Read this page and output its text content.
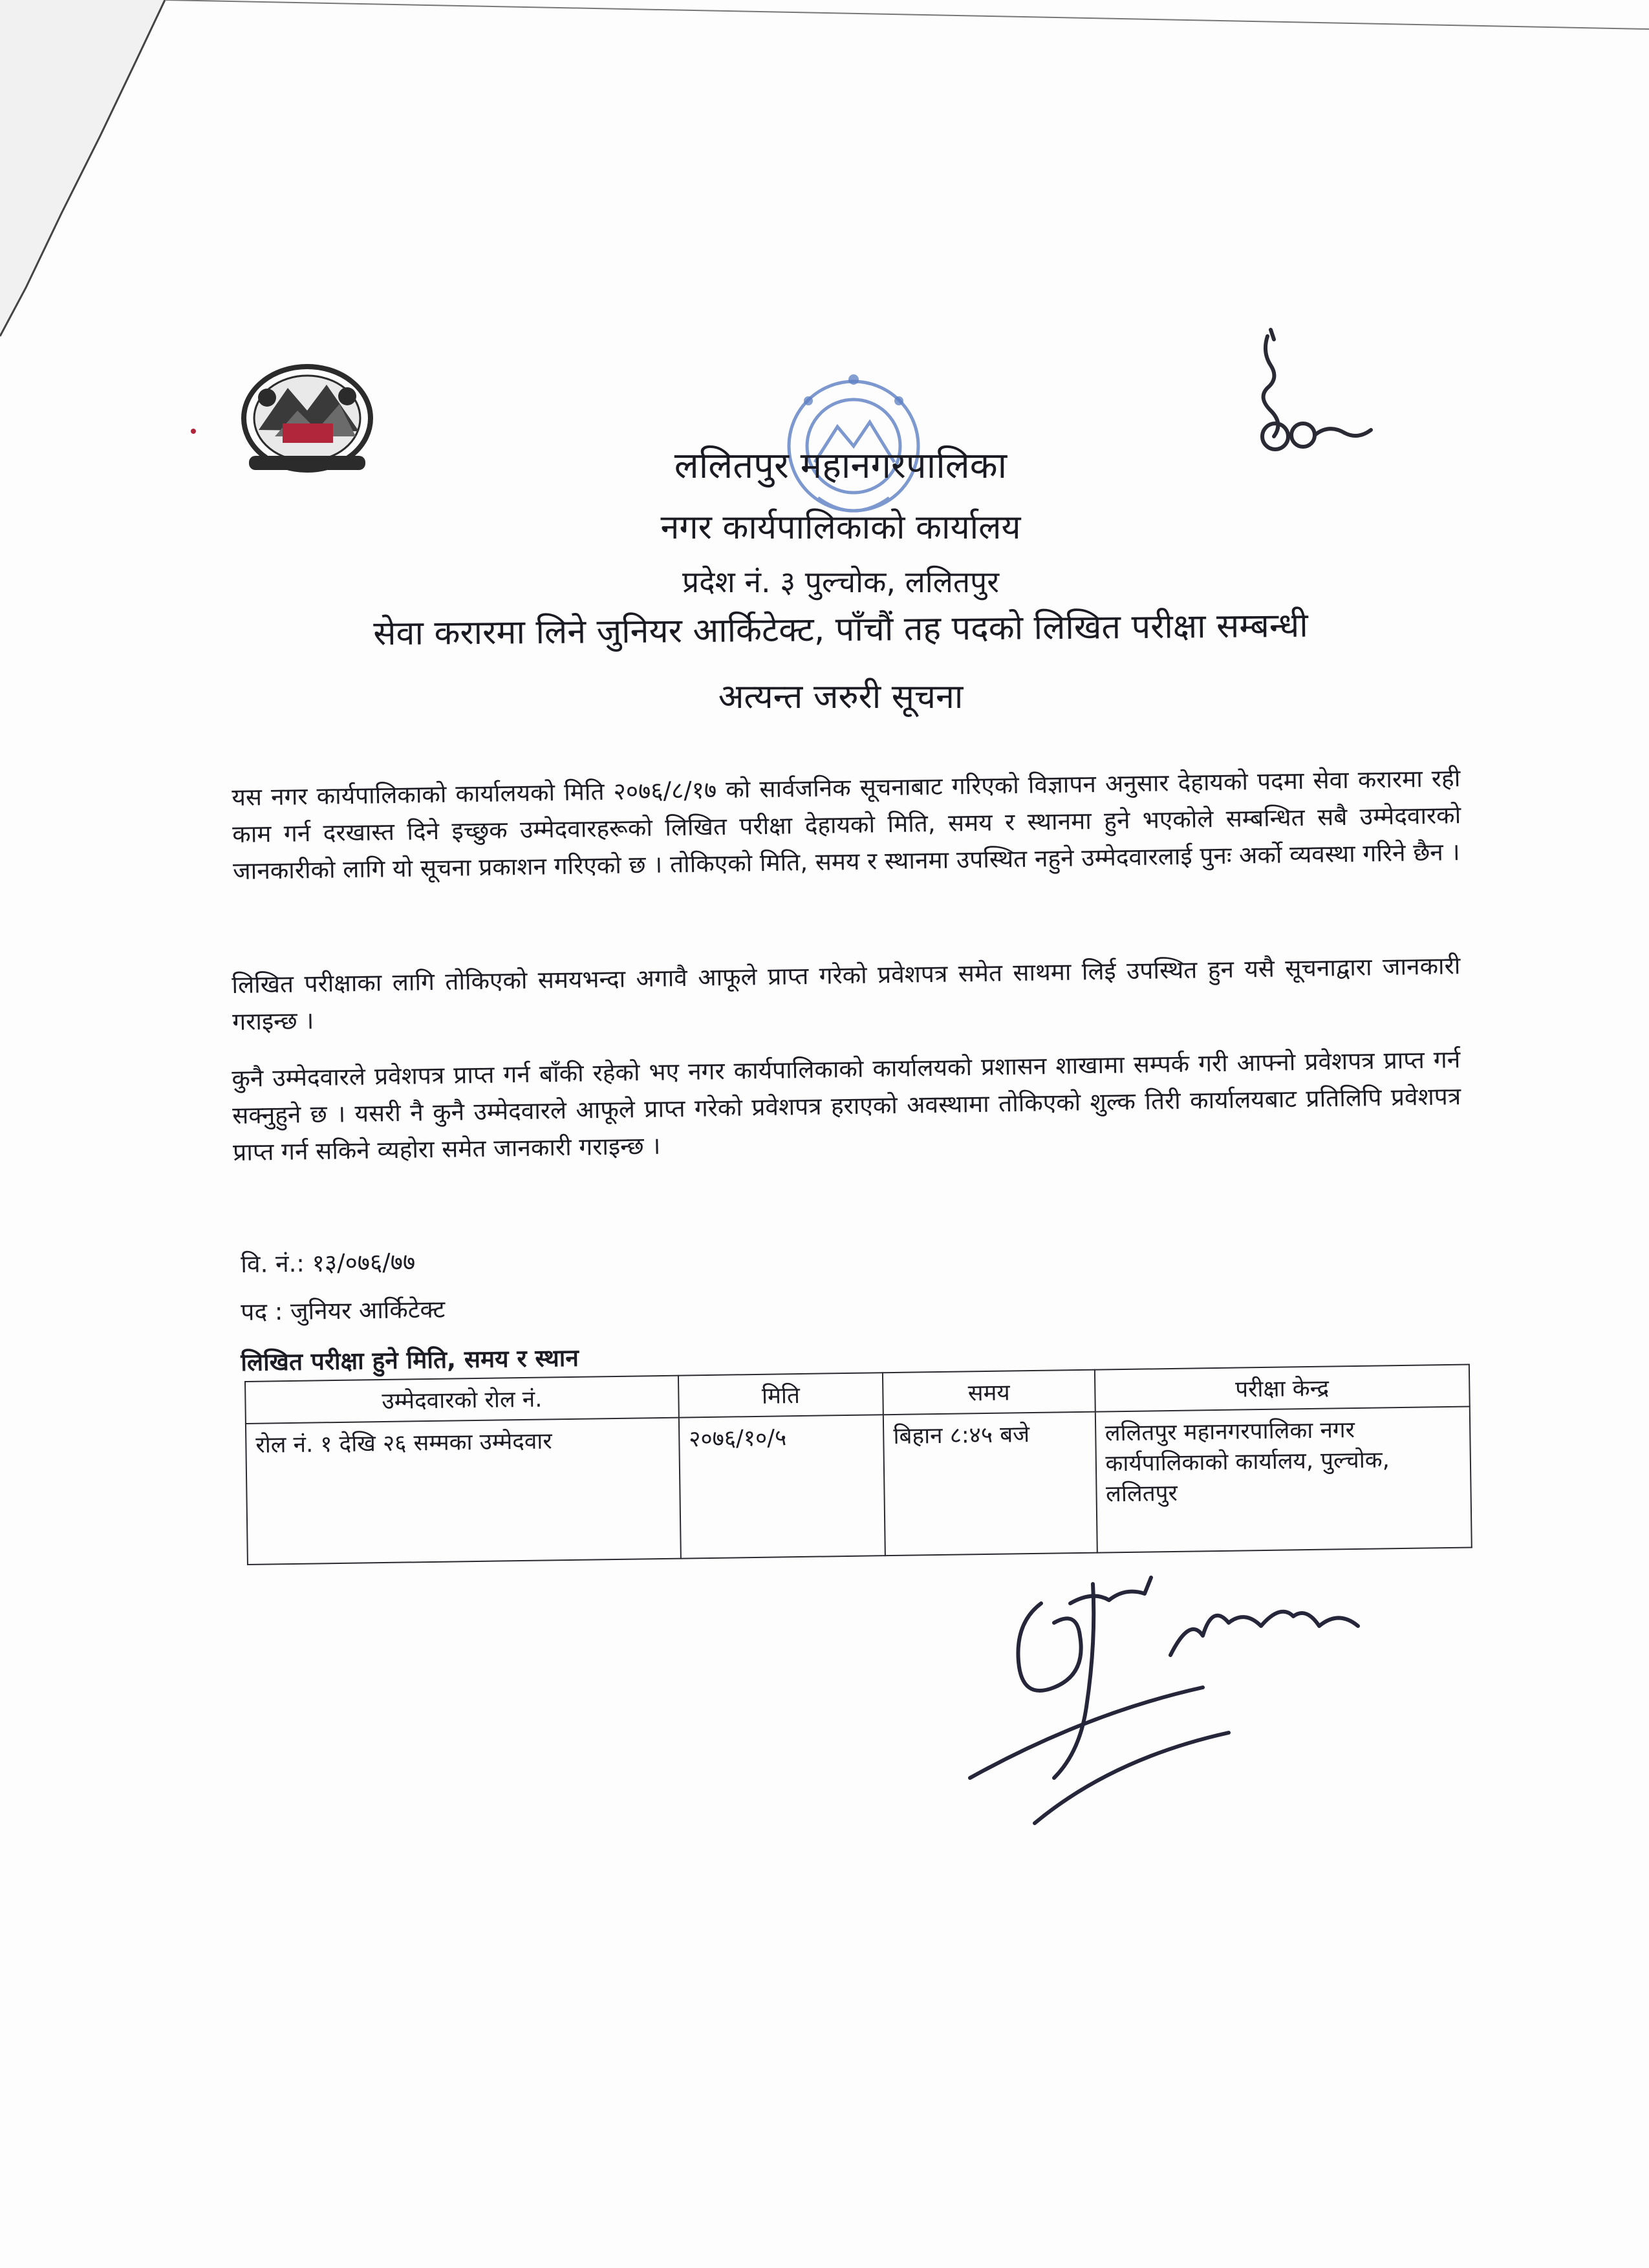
ललितपुर महानगरपालिका
नगर कार्यपालिकाको कार्यालय
प्रदेश नं. ३ पुल्चोक, ललितपुर
सेवा करारमा लिने जुनियर आर्किटेक्ट, पाँचौं तह पदको लिखित परीक्षा सम्बन्धी
अत्यन्त जरुरी सूचना

यस नगर कार्यपालिकाको कार्यालयको मिति २०७६/८/१७ को सार्वजनिक सूचनाबाट गरिएको विज्ञापन अनुसार देहायको पदमा सेवा करारमा रही काम गर्न दरखास्त दिने इच्छुक उम्मेदवारहरूको लिखित परीक्षा देहायको मिति, समय र स्थानमा हुने भएकोले सम्बन्धित सबै उम्मेदवारको जानकारीको लागि यो सूचना प्रकाशन गरिएको छ । तोकिएको मिति, समय र स्थानमा उपस्थित नहुने उम्मेदवारलाई पुनः अर्को व्यवस्था गरिने छैन ।

लिखित परीक्षाका लागि तोकिएको समयभन्दा अगावै आफूले प्राप्त गरेको प्रवेशपत्र समेत साथमा लिई उपस्थित हुन यसै सूचनाद्वारा जानकारी गराइन्छ ।

कुनै उम्मेदवारले प्रवेशपत्र प्राप्त गर्न बाँकी रहेको भए नगर कार्यपालिकाको कार्यालयको प्रशासन शाखामा सम्पर्क गरी आफ्नो प्रवेशपत्र प्राप्त गर्न सक्नुहुने छ । यसरी नै कुनै उम्मेदवारले आफूले प्राप्त गरेको प्रवेशपत्र हराएको अवस्थामा तोकिएको शुल्क तिरी कार्यालयबाट प्रतिलिपि प्रवेशपत्र प्राप्त गर्न सकिने व्यहोरा समेत जानकारी गराइन्छ ।

वि. नं.: १३/०७६/७७
पद : जुनियर आर्किटेक्ट
लिखित परीक्षा हुने मिति, समय र स्थान
उम्मेदवारको रोल नं.	मिति	समय	परीक्षा केन्द्र
रोल नं. १ देखि २६ सम्मका उम्मेदवार	२०७६/१०/५	बिहान ८:४५ बजे	ललितपुर महानगरपालिका नगर कार्यपालिकाको कार्यालय, पुल्चोक, ललितपुर
